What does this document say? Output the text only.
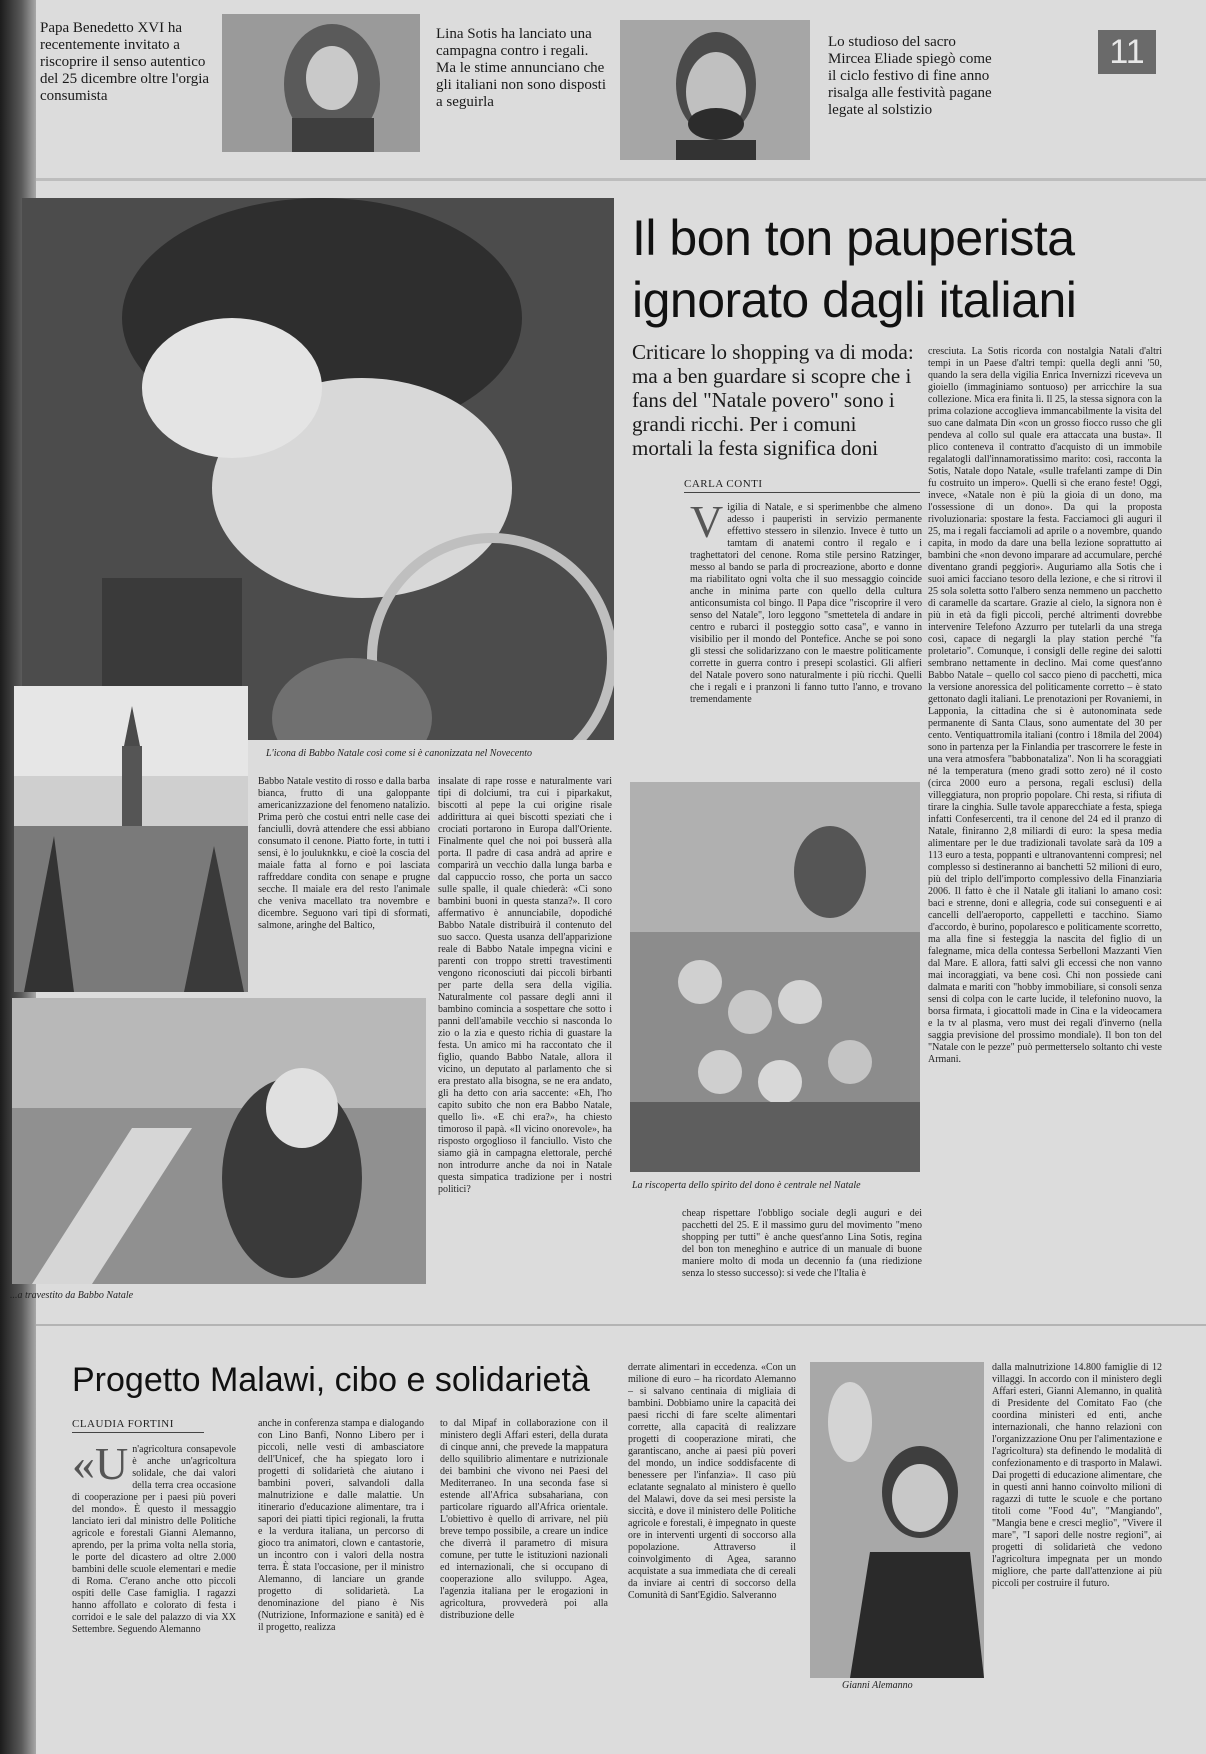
Papa Benedetto XVI ha recentemente invitato a riscoprire il senso autentico del 25 dicembre oltre l'orgia consumista
Lina Sotis ha lanciato una campagna contro i regali. Ma le stime annunciano che gli italiani non sono disposti a seguirla
Lo studioso del sacro Mircea Eliade spiegò come il ciclo festivo di fine anno risalga alle festività pagane legate al solstizio
11
L'icona di Babbo Natale così come si è canonizzata nel Novecento
...a travestito da Babbo Natale
Babbo Natale vestito di rosso e dalla barba bianca, frutto di una galoppante americanizzazione del fenomeno natalizio. Prima però che costui entri nelle case dei fanciulli, dovrà attendere che essi abbiano consumato il cenone. Piatto forte, in tutti i sensi, è lo jouluknkku, e cioè la coscia del maiale fatta al forno e poi lasciata raffreddare condita con senape e prugne secche. Il maiale era del resto l'animale che veniva macellato tra novembre e dicembre. Seguono vari tipi di sformati, salmone, aringhe del Baltico,
insalate di rape rosse e naturalmente vari tipi di dolciumi, tra cui i piparkakut, biscotti al pepe la cui origine risale addirittura ai quei biscotti speziati che i crociati portarono in Europa dall'Oriente. Finalmente quel che noi poi busserà alla porta. Il padre di casa andrà ad aprire e comparirà un vecchio dalla lunga barba e dal cappuccio rosso, che porta un sacco sulle spalle, il quale chiederà: «Ci sono bambini buoni in questa stanza?». Il coro affermativo è annunciabile, dopodiché Babbo Natale distribuirà il contenuto del suo sacco. Questa usanza dell'apparizione reale di Babbo Natale impegna vicini e parenti con troppo stretti travestimenti vengono riconosciuti dai piccoli birbanti per parte della sera della vigilia. Naturalmente col passare degli anni il bambino comincia a sospettare che sotto i panni dell'amabile vecchio si nasconda lo zio o la zia e questo richia di guastare la festa. Un amico mi ha raccontato che il figlio, quando Babbo Natale, allora il vicino, un deputato al parlamento che si era prestato alla bisogna, se ne era andato, gli ha detto con aria saccente: «Eh, l'ho capito subito che non era Babbo Natale, quello lì». «E chi era?», ha chiesto timoroso il papà. «Il vicino onorevole», ha risposto orgoglioso il fanciullo. Visto che siamo già in campagna elettorale, perché non introdurre anche da noi in Natale questa simpatica tradizione per i nostri politici?
Il bon ton pauperista
ignorato dagli italiani
Criticare lo shopping va di moda: ma a ben guardare si scopre che i fans del "Natale povero" sono i grandi ricchi. Per i comuni mortali la festa significa doni
CARLA CONTI
Vigilia di Natale, e si sperimenbbe che almeno adesso i pauperisti in servizio permanente effettivo stessero in silenzio. Invece è tutto un tamtam di anatemi contro il regalo e i traghettatori del cenone. Roma stile persino Ratzinger, messo al bando se parla di procreazione, aborto e donne ma riabilitato ogni volta che il suo messaggio coincide anche in minima parte con quello della cultura anticonsumista col bingo. Il Papa dice "riscoprire il vero senso del Natale", loro leggono "smettetela di andare in centro e rubarci il posteggio sotto casa", e vanno in visibilio per il mondo del Pontefice. Anche se poi sono gli stessi che solidarizzano con le maestre politicamente corrette in guerra contro i presepi scolastici. Gli alfieri del Natale povero sono naturalmente i più ricchi. Quelli che i regali e i pranzoni li fanno tutto l'anno, e trovano tremendamente
La riscoperta dello spirito del dono è centrale nel Natale
cheap rispettare l'obbligo sociale degli auguri e dei pacchetti del 25. E il massimo guru del movimento "meno shopping per tutti" è anche quest'anno Lina Sotis, regina del bon ton meneghino e autrice di un manuale di buone maniere molto di moda un decennio fa (una riedizione senza lo stesso successo): si vede che l'Italia è
cresciuta. La Sotis ricorda con nostalgia Natali d'altri tempi in un Paese d'altri tempi: quella degli anni '50, quando la sera della vigilia Enrica Invernizzi riceveva un gioiello (immaginiamo sontuoso) per arricchire la sua collezione. Mica era finita lì. Il 25, la stessa signora con la prima colazione accoglieva immancabilmente la visita del suo cane dalmata Din «con un grosso fiocco russo che gli pendeva al collo sul quale era attaccata una busta». Il plico conteneva il contratto d'acquisto di un immobile regalatogli dall'innamoratissimo marito: così, racconta la Sotis, Natale dopo Natale, «sulle trafelanti zampe di Din fu costruito un impero». Quelli sì che erano feste! Oggi, invece, «Natale non è più la gioia di un dono, ma l'ossessione di un dono». Da qui la proposta rivoluzionaria: spostare la festa. Facciamoci gli auguri il 25, ma i regali facciamoli ad aprile o a novembre, quando capita, in modo da dare una bella lezione soprattutto ai bambini che «non devono imparare ad accumulare, perché diventano grandi peggiori». Auguriamo alla Sotis che i suoi amici facciano tesoro della lezione, e che si ritrovi il 25 sola soletta sotto l'albero senza nemmeno un pacchetto di caramelle da scartare. Grazie al cielo, la signora non è più in età da figli piccoli, perché altrimenti dovrebbe intervenire Telefono Azzurro per tutelarli da una strega così, capace di negargli la play station perché "fa proletario". Comunque, i consigli delle regine dei salotti sembrano nettamente in declino. Mai come quest'anno Babbo Natale – quello col sacco pieno di pacchetti, mica la versione anoressica del politicamente corretto – è stato gettonato dagli italiani. Le prenotazioni per Rovaniemi, in Lapponia, la cittadina che si è autonominata sede permanente di Santa Claus, sono aumentate del 30 per cento. Ventiquattromila italiani (contro i 18mila del 2004) sono in partenza per la Finlandia per trascorrere le feste in una vera atmosfera "babbonataliza". Non li ha scoraggiati né la temperatura (meno gradi sotto zero) né il costo (circa 2000 euro a persona, regali esclusi) della villeggiatura, non proprio popolare. Chi resta, si rifiuta di tirare la cinghia. Sulle tavole apparecchiate a festa, spiega infatti Confesercenti, tra il cenone del 24 ed il pranzo di Natale, finiranno 2,8 miliardi di euro: la spesa media alimentare per le due tradizionali tavolate sarà da 109 a 113 euro a testa, poppanti e ultranovantenni compresi; nel complesso si destineranno ai banchetti 52 milioni di euro, più del triplo dell'importo complessivo della Finanziaria 2006. Il fatto è che il Natale gli italiani lo amano così: baci e strenne, doni e allegria, code sui conseguenti e ai cancelli dell'aeroporto, cappelletti e tacchino. Siamo d'accordo, è burino, popolaresco e politicamente scorretto, ma alla fine si festeggia la nascita del figlio di un falegname, mica della contessa Serbelloni Mazzanti Vien dal Mare. E allora, fatti salvi gli eccessi che non vanno mai incoraggiati, va bene così. Chi non possiede cani dalmata e mariti con "hobby immobiliare, si consoli senza sensi di colpa con le carte lucide, il telefonino nuovo, la borsa firmata, i giocattoli made in Cina e la videocamera e la tv al plasma, vero must dei regali d'inverno (nella saggia previsione del prossimo mondiale). Il bon ton del "Natale con le pezze" può permetterselo soltanto chi veste Armani.
Progetto Malawi, cibo e solidarietà
CLAUDIA FORTINI
«Un'agricoltura consapevole è anche un'agricoltura solidale, che dai valori della terra crea occasione di cooperazione per i paesi più poveri del mondo». È questo il messaggio lanciato ieri dal ministro delle Politiche agricole e forestali Gianni Alemanno, aprendo, per la prima volta nella storia, le porte del dicastero ad oltre 2.000 bambini delle scuole elementari e medie di Roma. C'erano anche otto piccoli ospiti delle Case famiglia. I ragazzi hanno affollato e colorato di festa i corridoi e le sale del palazzo di via XX Settembre. Seguendo Alemanno
anche in conferenza stampa e dialogando con Lino Banfi, Nonno Libero per i piccoli, nelle vesti di ambasciatore dell'Unicef, che ha spiegato loro i progetti di solidarietà che aiutano i bambini poveri, salvandoli dalla malnutrizione e dalle malattie. Un itinerario d'educazione alimentare, tra i sapori dei piatti tipici regionali, la frutta e la verdura italiana, un percorso di gioco tra animatori, clown e cantastorie, un incontro con i valori della nostra terra. È stata l'occasione, per il ministro Alemanno, di lanciare un grande progetto di solidarietà. La denominazione del piano è Nis (Nutrizione, Informazione e sanità) ed è il progetto, realizza
to dal Mipaf in collaborazione con il ministero degli Affari esteri, della durata di cinque anni, che prevede la mappatura dello squilibrio alimentare e nutrizionale dei bambini che vivono nei Paesi del Mediterraneo. In una seconda fase si estende all'Africa subsahariana, con particolare riguardo all'Africa orientale. L'obiettivo è quello di arrivare, nel più breve tempo possibile, a creare un indice che diverrà il parametro di misura comune, per tutte le istituzioni nazionali ed internazionali, che si occupano di cooperazione allo sviluppo. Agea, l'agenzia italiana per le erogazioni in agricoltura, provvederà poi alla distribuzione delle
derrate alimentari in eccedenza. «Con un milione di euro – ha ricordato Alemanno – si salvano centinaia di migliaia di bambini. Dobbiamo unire la capacità dei paesi ricchi di fare scelte alimentari corrette, alla capacità di realizzare progetti di cooperazione mirati, che garantiscano, anche ai paesi più poveri del mondo, un indice soddisfacente di benessere per l'infanzia». Il caso più eclatante segnalato al ministero è quello del Malawi, dove da sei mesi persiste la siccità, e dove il ministero delle Politiche agricole e forestali, è impegnato in queste ore in interventi urgenti di soccorso alla popolazione. Attraverso il coinvolgimento di Agea, saranno acquistate a sua immediata che di cereali da inviare ai centri di soccorso della Comunità di Sant'Egidio. Salveranno
Gianni Alemanno
dalla malnutrizione 14.800 famiglie di 12 villaggi. In accordo con il ministero degli Affari esteri, Gianni Alemanno, in qualità di Presidente del Comitato Fao (che coordina ministeri ed enti, anche internazionali, che hanno relazioni con l'organizzazione Onu per l'alimentazione e l'agricoltura) sta definendo le modalità di confezionamento e di trasporto in Malawi. Dai progetti di educazione alimentare, che in questi anni hanno coinvolto milioni di ragazzi di tutte le scuole e che portano titoli come "Food 4u", "Mangiando", "Mangia bene e cresci meglio", "Vivere il mare", "I sapori delle nostre regioni", ai progetti di solidarietà che vedono l'agricoltura impegnata per un mondo migliore, che parte dall'attenzione ai più piccoli per costruire il futuro.
